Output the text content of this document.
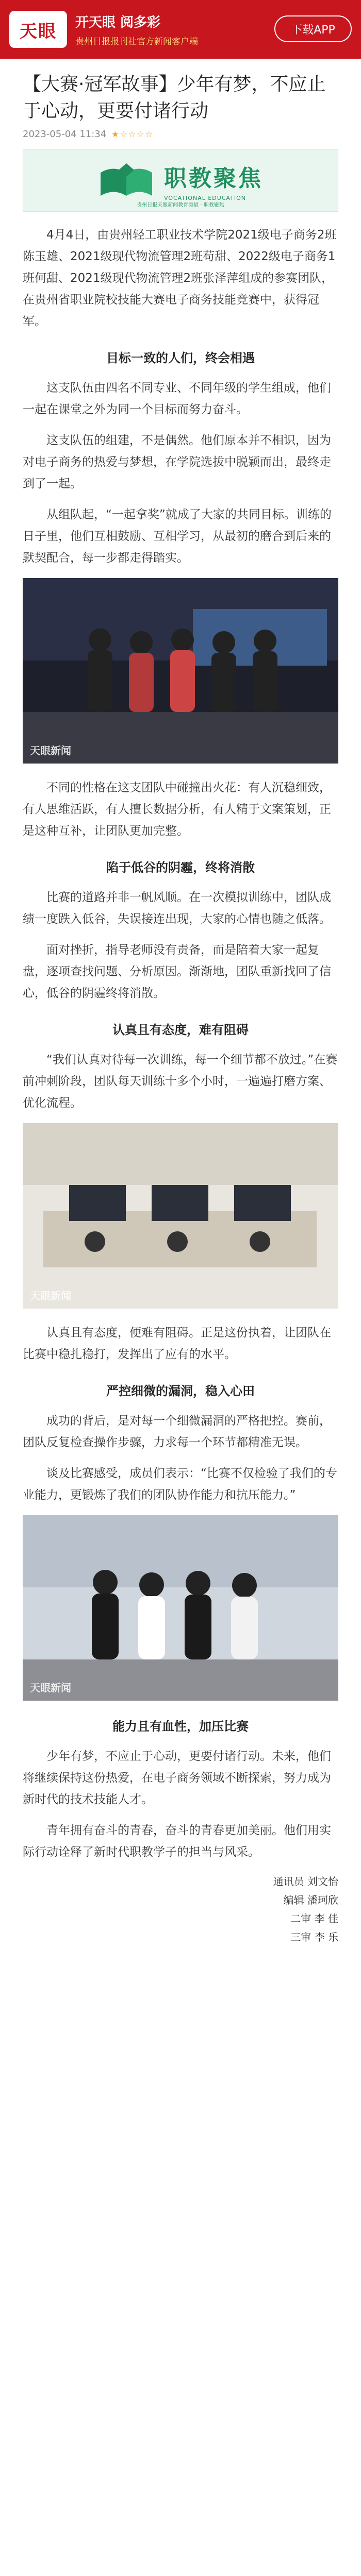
天眼 开天眼 阅多彩
贵州日报报刊社官方新闻客户端
下载APP
【大赛·冠军故事】少年有梦，不应止于心动，更要付诸行动
2023-05-04 11:34 ★☆☆☆☆
职教聚焦
VOCATIONAL EDUCATION
贵州日报天眼新闻教育频道 · 职教聚焦

4月4日，由贵州轻工职业技术学院2021级电子商务2班陈玉雄、2021级现代物流管理2班苟甜、2022级电子商务1班何甜、2021级现代物流管理2班张泽萍组成的参赛团队，在贵州省职业院校技能大赛电子商务技能竞赛中，获得冠军。

目标一致的人们，终会相遇

这支队伍由四名不同专业、不同年级的学生组成，他们一起在课堂之外为同一个目标而努力奋斗。

这支队伍的组建，不是偶然。他们原本并不相识，因为对电子商务的热爱与梦想，在学院选拔中脱颖而出，最终走到了一起。

从组队起，“一起拿奖”就成了大家的共同目标。训练的日子里，他们互相鼓励、互相学习，从最初的磨合到后来的默契配合，每一步都走得踏实。

天眼新闻

不同的性格在这支团队中碰撞出火花：有人沉稳细致，有人思维活跃，有人擅长数据分析，有人精于文案策划，正是这种互补，让团队更加完整。

陷于低谷的阴霾，终将消散

比赛的道路并非一帆风顺。在一次模拟训练中，团队成绩一度跌入低谷，失误接连出现，大家的心情也随之低落。

面对挫折，指导老师没有责备，而是陪着大家一起复盘，逐项查找问题、分析原因。渐渐地，团队重新找回了信心，低谷的阴霾终将消散。

认真且有态度，难有阻碍

“我们认真对待每一次训练，每一个细节都不放过。”在赛前冲刺阶段，团队每天训练十多个小时，一遍遍打磨方案、优化流程。

天眼新闻

认真且有态度，便难有阻碍。正是这份执着，让团队在比赛中稳扎稳打，发挥出了应有的水平。

严控细微的漏洞，稳入心田

成功的背后，是对每一个细微漏洞的严格把控。赛前，团队反复检查操作步骤，力求每一个环节都精准无误。

谈及比赛感受，成员们表示：“比赛不仅检验了我们的专业能力，更锻炼了我们的团队协作能力和抗压能力。”

天眼新闻
能力且有血性，加压比赛

少年有梦，不应止于心动，更要付诸行动。未来，他们将继续保持这份热爱，在电子商务领域不断探索，努力成为新时代的技术技能人才。

青年拥有奋斗的青春，奋斗的青春更加美丽。他们用实际行动诠释了新时代职教学子的担当与风采。

通讯员 刘文怡
编辑 潘珂欣
二审 李 佳
三审 李 乐
